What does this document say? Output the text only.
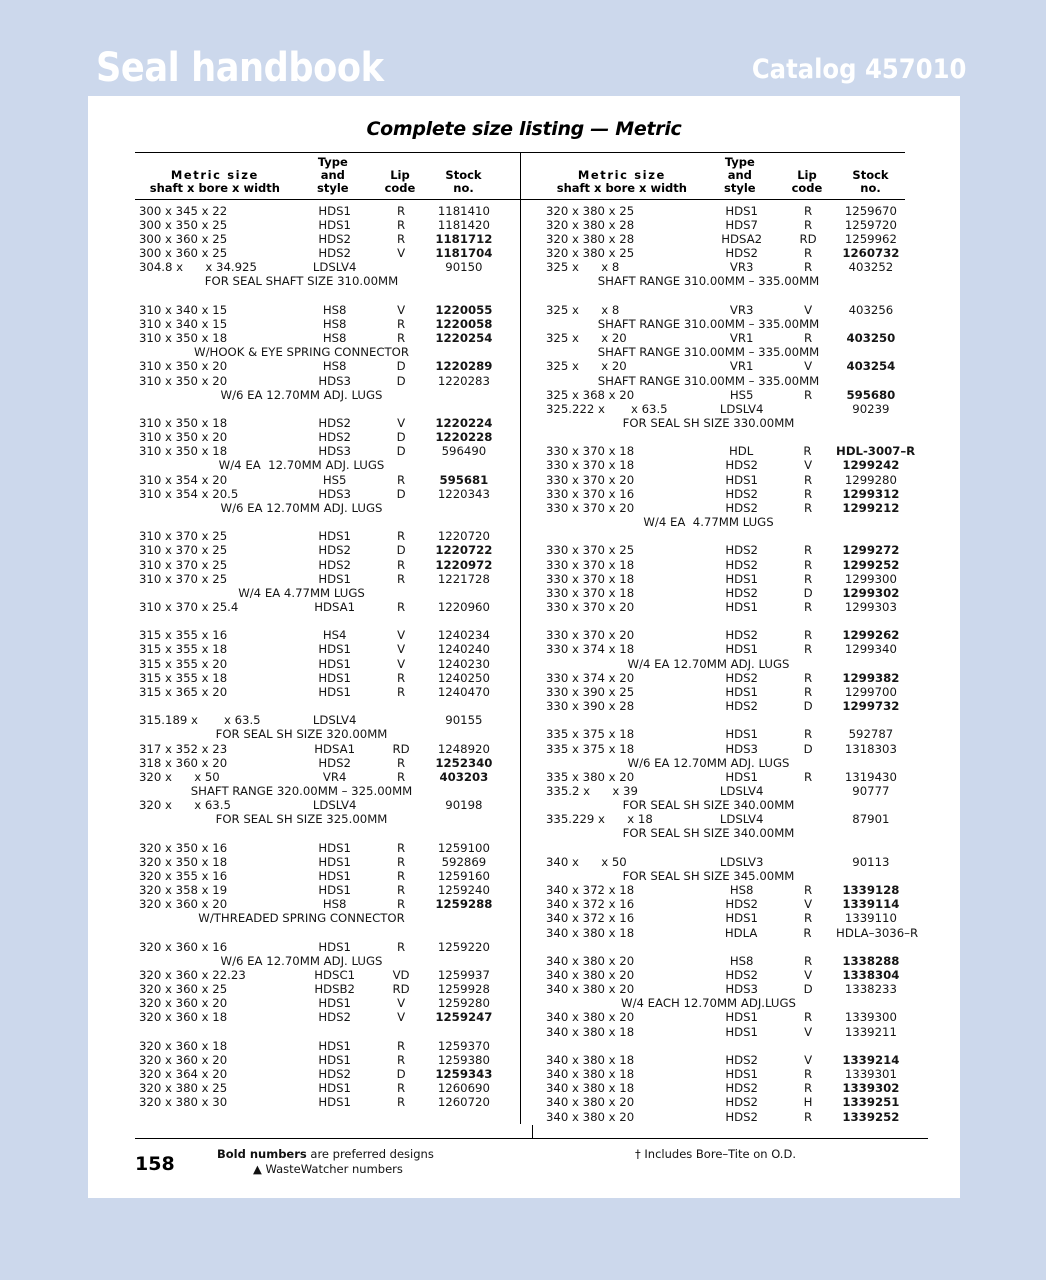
Seal handbook	Catalog 457010
Complete size listing — Metric
Metric size
shaft x bore x width
Type
and
style
Lip
code
Stock
no.
Metric size
shaft x bore x width
Type
and
style
Lip
code
Stock
no.
300 x 345 x 22	HDS1	R	1181410
300 x 350 x 25	HDS1	R	1181420
300 x 360 x 25	HDS2	R	1181712
300 x 360 x 25	HDS2	V	1181704
304.8 x      x 34.925	LDSLV4	90150
FOR SEAL SHAFT SIZE 310.00MM
310 x 340 x 15	HS8	V	1220055
310 x 340 x 15	HS8	R	1220058
310 x 350 x 18	HS8	R	1220254
W/HOOK & EYE SPRING CONNECTOR
310 x 350 x 20	HS8	D	1220289
310 x 350 x 20	HDS3	D	1220283
W/6 EA 12.70MM ADJ. LUGS
310 x 350 x 18	HDS2	V	1220224
310 x 350 x 20	HDS2	D	1220228
310 x 350 x 18	HDS3	D	596490
W/4 EA  12.70MM ADJ. LUGS
310 x 354 x 20	HS5	R	595681
310 x 354 x 20.5	HDS3	D	1220343
W/6 EA 12.70MM ADJ. LUGS
310 x 370 x 25	HDS1	R	1220720
310 x 370 x 25	HDS2	D	1220722
310 x 370 x 25	HDS2	R	1220972
310 x 370 x 25	HDS1	R	1221728
W/4 EA 4.77MM LUGS
310 x 370 x 25.4	HDSA1	R	1220960
315 x 355 x 16	HS4	V	1240234
315 x 355 x 18	HDS1	V	1240240
315 x 355 x 20	HDS1	V	1240230
315 x 355 x 18	HDS1	R	1240250
315 x 365 x 20	HDS1	R	1240470
315.189 x       x 63.5	LDSLV4	90155
FOR SEAL SH SIZE 320.00MM
317 x 352 x 23	HDSA1	RD	1248920
318 x 360 x 20	HDS2	R	1252340
320 x      x 50	VR4	R	403203
SHAFT RANGE 320.00MM – 325.00MM
320 x      x 63.5	LDSLV4	90198
FOR SEAL SH SIZE 325.00MM
320 x 350 x 16	HDS1	R	1259100
320 x 350 x 18	HDS1	R	592869
320 x 355 x 16	HDS1	R	1259160
320 x 358 x 19	HDS1	R	1259240
320 x 360 x 20	HS8	R	1259288
W/THREADED SPRING CONNECTOR
320 x 360 x 16	HDS1	R	1259220
W/6 EA 12.70MM ADJ. LUGS
320 x 360 x 22.23	HDSC1	VD	1259937
320 x 360 x 25	HDSB2	RD	1259928
320 x 360 x 20	HDS1	V	1259280
320 x 360 x 18	HDS2	V	1259247
320 x 360 x 18	HDS1	R	1259370
320 x 360 x 20	HDS1	R	1259380
320 x 364 x 20	HDS2	D	1259343
320 x 380 x 25	HDS1	R	1260690
320 x 380 x 30	HDS1	R	1260720
320 x 380 x 25	HDS1	R	1259670
320 x 380 x 28	HDS7	R	1259720
320 x 380 x 28	HDSA2	RD	1259962
320 x 380 x 25	HDS2	R	1260732
325 x      x 8	VR3	R	403252
SHAFT RANGE 310.00MM – 335.00MM
325 x      x 8	VR3	V	403256
SHAFT RANGE 310.00MM – 335.00MM
325 x      x 20	VR1	R	403250
SHAFT RANGE 310.00MM – 335.00MM
325 x      x 20	VR1	V	403254
SHAFT RANGE 310.00MM – 335.00MM
325 x 368 x 20	HS5	R	595680
325.222 x       x 63.5	LDSLV4	90239
FOR SEAL SH SIZE 330.00MM
330 x 370 x 18	HDL	R	HDL-3007–R
330 x 370 x 18	HDS2	V	1299242
330 x 370 x 20	HDS1	R	1299280
330 x 370 x 16	HDS2	R	1299312
330 x 370 x 20	HDS2	R	1299212
W/4 EA  4.77MM LUGS
330 x 370 x 25	HDS2	R	1299272
330 x 370 x 18	HDS2	R	1299252
330 x 370 x 18	HDS1	R	1299300
330 x 370 x 18	HDS2	D	1299302
330 x 370 x 20	HDS1	R	1299303
330 x 370 x 20	HDS2	R	1299262
330 x 374 x 18	HDS1	R	1299340
W/4 EA 12.70MM ADJ. LUGS
330 x 374 x 20	HDS2	R	1299382
330 x 390 x 25	HDS1	R	1299700
330 x 390 x 28	HDS2	D	1299732
335 x 375 x 18	HDS1	R	592787
335 x 375 x 18	HDS3	D	1318303
W/6 EA 12.70MM ADJ. LUGS
335 x 380 x 20	HDS1	R	1319430
335.2 x      x 39	LDSLV4	90777
FOR SEAL SH SIZE 340.00MM
335.229 x      x 18	LDSLV4	87901
FOR SEAL SH SIZE 340.00MM
340 x      x 50	LDSLV3	90113
FOR SEAL SH SIZE 345.00MM
340 x 372 x 18	HS8	R	1339128
340 x 372 x 16	HDS2	V	1339114
340 x 372 x 16	HDS1	R	1339110
340 x 380 x 18	HDLA	R	HDLA–3036–R
340 x 380 x 20	HS8	R	1338288
340 x 380 x 20	HDS2	V	1338304
340 x 380 x 20	HDS3	D	1338233
W/4 EACH 12.70MM ADJ.LUGS
340 x 380 x 20	HDS1	R	1339300
340 x 380 x 18	HDS1	V	1339211
340 x 380 x 18	HDS2	V	1339214
340 x 380 x 18	HDS1	R	1339301
340 x 380 x 18	HDS2	R	1339302
340 x 380 x 20	HDS2	H	1339251
340 x 380 x 20	HDS2	R	1339252
158	Bold numbers are preferred designs
▲ WasteWatcher numbers
† Includes Bore–Tite on O.D.
